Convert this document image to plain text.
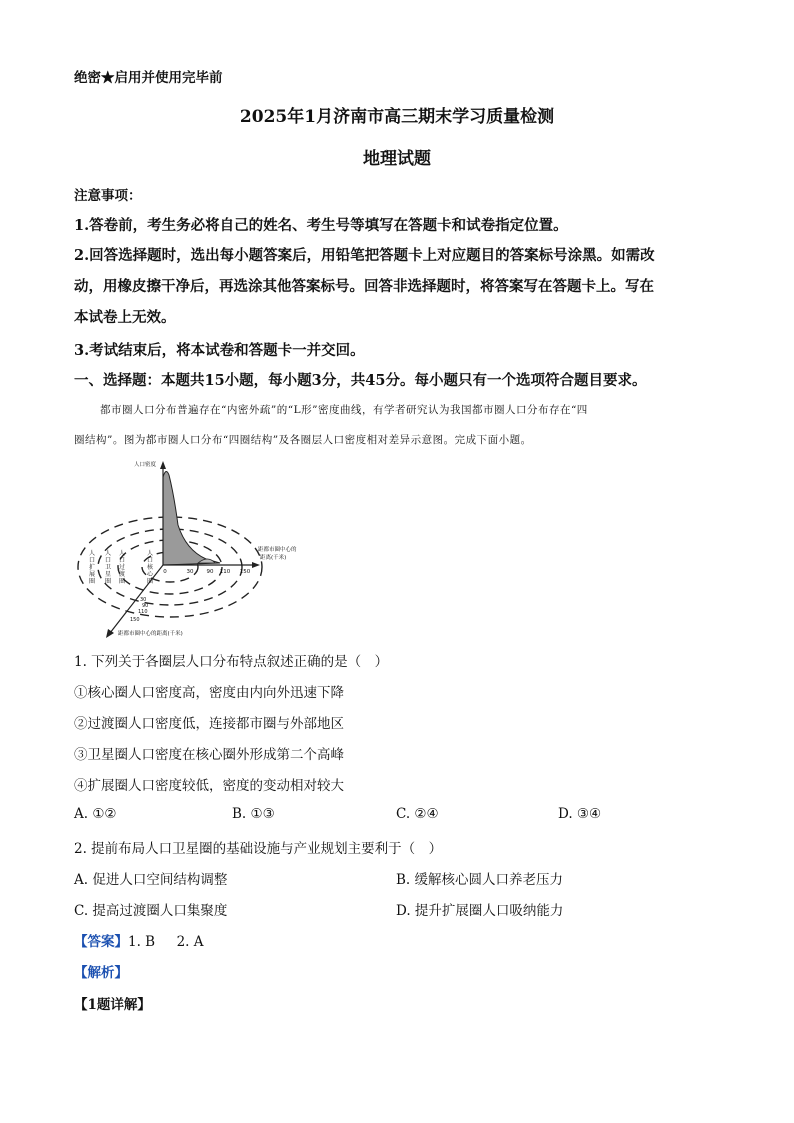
绝密★启用并使用完毕前
2025年1月济南市高三期末学习质量检测
地理试题
注意事项：
1.答卷前，考生务必将自己的姓名、考生号等填写在答题卡和试卷指定位置。
2.回答选择题时，选出每小题答案后，用铅笔把答题卡上对应题目的答案标号涂黑。如需改
动，用橡皮擦干净后，再选涂其他答案标号。回答非选择题时，将答案写在答题卡上。写在
本试卷上无效。
3.考试结束后，将本试卷和答题卡一并交回。
一、选择题：本题共15小题，每小题3分，共45分。每小题只有一个选项符合题目要求。
都市圈人口分布普遍存在“内密外疏”的“L形”密度曲线，有学者研究认为我国都市圈人口分布存在“四
圈结构”。图为都市圈人口分布“四圈结构”及各圈层人口密度相对差异示意图。完成下面小题。
人口密度
距都市圈中心的
距离(千米)
距都市圈中心的距离(千米)
0	30 90 110 150
30
90
110
150
人
口
扩
展
圈
人
口
卫
星
圈
人
口
过
渡
圈
人
口
核
心
圈
1. 下列关于各圈层人口分布特点叙述正确的是（　）
①核心圈人口密度高，密度由内向外迅速下降
②过渡圈人口密度低，连接都市圈与外部地区
③卫星圈人口密度在核心圈外形成第二个高峰
④扩展圈人口密度较低，密度的变动相对较大
A. ①②	B. ①③	C. ②④	D. ③④
2. 提前布局人口卫星圈的基础设施与产业规划主要利于（　）
A. 促进人口空间结构调整	B. 缓解核心圆人口养老压力
C. 提高过渡圈人口集聚度	D. 提升扩展圈人口吸纳能力
【答案】1. B 2. A
【解析】
【1题详解】
